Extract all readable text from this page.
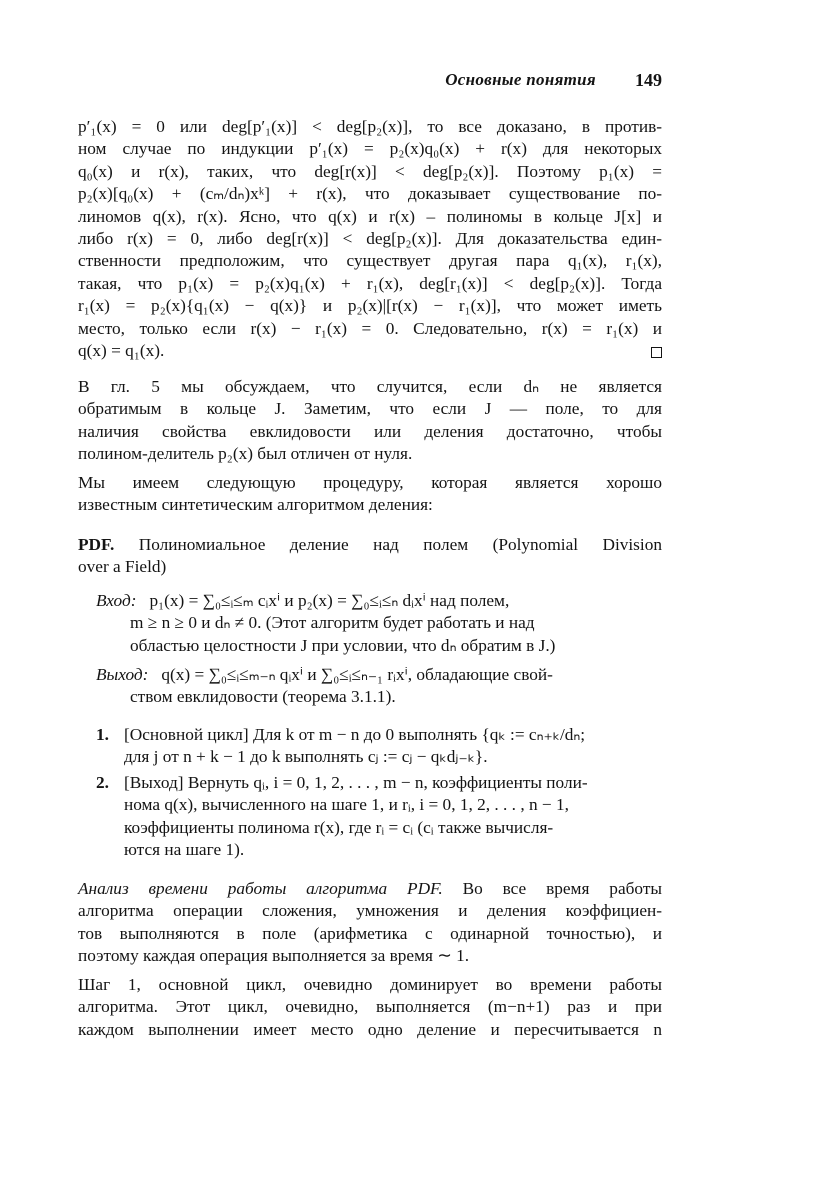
Основные понятия 149
p′₁(x) = 0 или deg[p′₁(x)] < deg[p₂(x)], то все доказано, в против-
ном случае по индукции p′₁(x) = p₂(x)q₀(x) + r(x) для некоторых
q₀(x) и r(x), таких, что deg[r(x)] < deg[p₂(x)]. Поэтому p₁(x) =
p₂(x)[q₀(x) + (cₘ/dₙ)xᵏ] + r(x), что доказывает существование по-
линомов q(x), r(x). Ясно, что q(x) и r(x) – полиномы в кольце J[x] и
либо r(x) = 0, либо deg[r(x)] < deg[p₂(x)]. Для доказательства един-
ственности предположим, что существует другая пара q₁(x), r₁(x),
такая, что p₁(x) = p₂(x)q₁(x) + r₁(x), deg[r₁(x)] < deg[p₂(x)]. Тогда
r₁(x) = p₂(x){q₁(x) − q(x)} и p₂(x)|[r(x) − r₁(x)], что может иметь
место, только если r(x) − r₁(x) = 0. Следовательно, r(x) = r₁(x) и
q(x) = q₁(x).
В гл. 5 мы обсуждаем, что случится, если dₙ не является
обратимым в кольце J. Заметим, что если J — поле, то для
наличия свойства евклидовости или деления достаточно, чтобы
полином-делитель p₂(x) был отличен от нуля.
Мы имеем следующую процедуру, которая является хорошо
известным синтетическим алгоритмом деления:
PDF. Полиномиальное деление над полем (Polynomial Division
over a Field)
Вход: p₁(x) = ∑₀≤ᵢ≤ₘ cᵢxⁱ и p₂(x) = ∑₀≤ᵢ≤ₙ dᵢxⁱ над полем,
m ≥ n ≥ 0 и dₙ ≠ 0. (Этот алгоритм будет работать и над
областью целостности J при условии, что dₙ обратим в J.)
Выход: q(x) = ∑₀≤ᵢ≤ₘ₋ₙ qᵢxⁱ и ∑₀≤ᵢ≤ₙ₋₁ rᵢxⁱ, обладающие свой-
ством евклидовости (теорема 3.1.1).
1. [Основной цикл] Для k от m − n до 0 выполнять {qₖ := cₙ₊ₖ/dₙ;
для j от n + k − 1 до k выполнять cⱼ := cⱼ − qₖdⱼ₋ₖ}.
2. [Выход] Вернуть qᵢ, i = 0, 1, 2, . . . , m − n, коэффициенты поли-
нома q(x), вычисленного на шаге 1, и rᵢ, i = 0, 1, 2, . . . , n − 1,
коэффициенты полинома r(x), где rᵢ = cᵢ (cᵢ также вычисля-
ются на шаге 1).
Анализ времени работы алгоритма PDF. Во все время работы
алгоритма операции сложения, умножения и деления коэффициен-
тов выполняются в поле (арифметика с одинарной точностью), и
поэтому каждая операция выполняется за время ∼ 1.
Шаг 1, основной цикл, очевидно доминирует во времени работы
алгоритма. Этот цикл, очевидно, выполняется (m−n+1) раз и при
каждом выполнении имеет место одно деление и пересчитывается n
